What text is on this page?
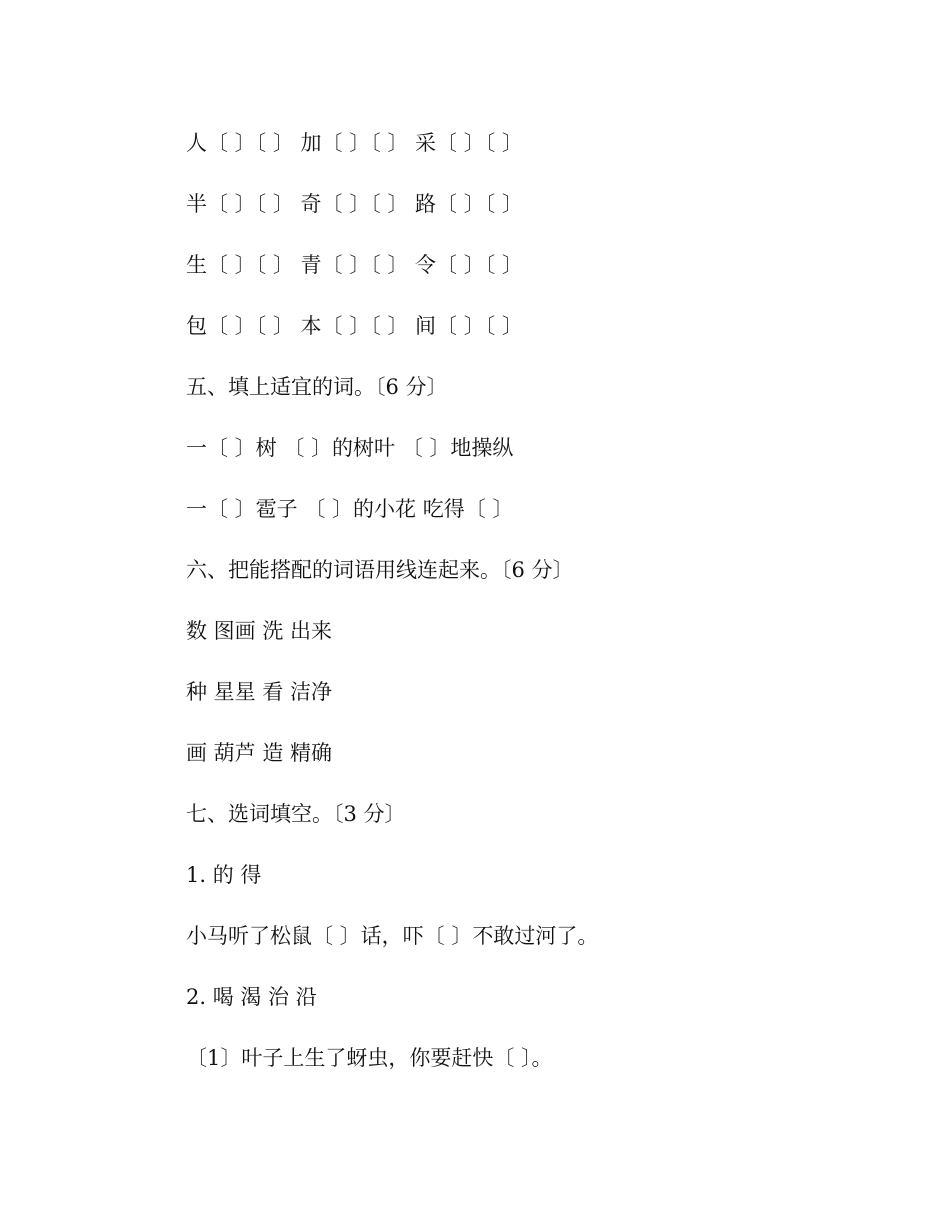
人〔 〕〔 〕 加〔 〕〔 〕 采〔 〕〔 〕
半〔 〕〔 〕 奇〔 〕〔 〕 路〔 〕〔 〕
生〔 〕〔 〕 青〔 〕〔 〕 令〔 〕〔 〕
包〔 〕〔 〕 本〔 〕〔 〕 间〔 〕〔 〕
五、填上适宜的词。〔6 分〕
一〔 〕树 〔 〕的树叶 〔 〕地操纵
一〔 〕雹子 〔 〕的小花 吃得〔 〕
六、把能搭配的词语用线连起来。〔6 分〕
数 图画 洗 出来
种 星星 看 洁净
画 葫芦 造 精确
七、选词填空。〔3 分〕
1. 的 得
小马听了松鼠〔 〕话，吓〔 〕不敢过河了。
2. 喝 渴 治 沿
〔1〕叶子上生了蚜虫，你要赶快〔 〕。
